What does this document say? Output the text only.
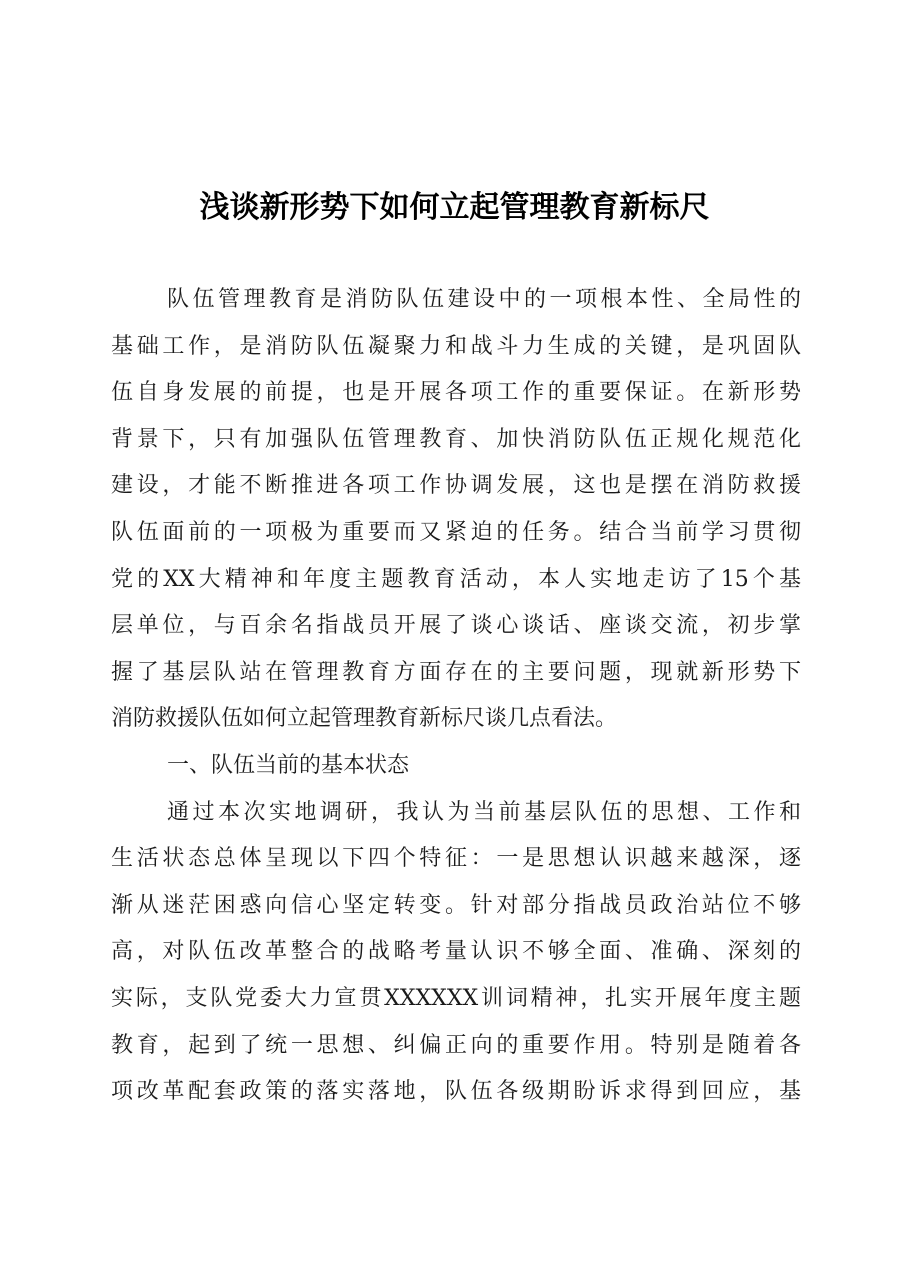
浅谈新形势下如何立起管理教育新标尺
队伍管理教育是消防队伍建设中的一项根本性、全局性的
基础工作，是消防队伍凝聚力和战斗力生成的关键，是巩固队
伍自身发展的前提，也是开展各项工作的重要保证。在新形势
背景下，只有加强队伍管理教育、加快消防队伍正规化规范化
建设，才能不断推进各项工作协调发展，这也是摆在消防救援
队伍面前的一项极为重要而又紧迫的任务。结合当前学习贯彻
党的XX大精神和年度主题教育活动，本人实地走访了15个基
层单位，与百余名指战员开展了谈心谈话、座谈交流，初步掌
握了基层队站在管理教育方面存在的主要问题，现就新形势下
消防救援队伍如何立起管理教育新标尺谈几点看法。
一、队伍当前的基本状态
通过本次实地调研，我认为当前基层队伍的思想、工作和
生活状态总体呈现以下四个特征：一是思想认识越来越深，逐
渐从迷茫困惑向信心坚定转变。针对部分指战员政治站位不够
高，对队伍改革整合的战略考量认识不够全面、准确、深刻的
实际，支队党委大力宣贯XXXXXX训词精神，扎实开展年度主题
教育，起到了统一思想、纠偏正向的重要作用。特别是随着各
项改革配套政策的落实落地，队伍各级期盼诉求得到回应，基
